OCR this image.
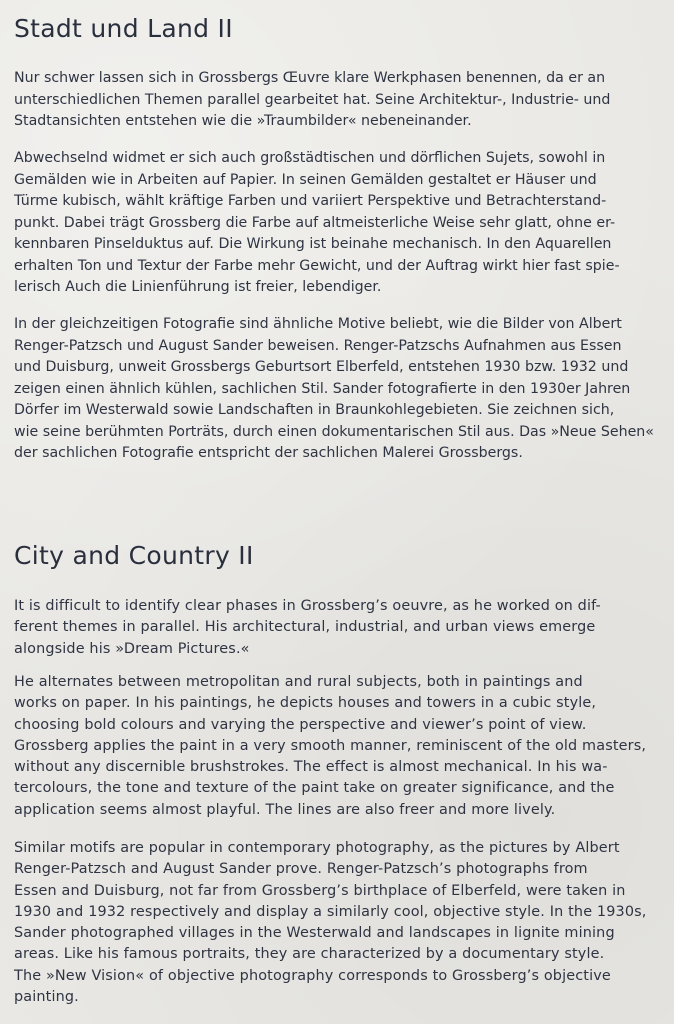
Stadt und Land II

Nur schwer lassen sich in Grossbergs Œuvre klare Werkphasen benennen, da er an
unterschiedlichen Themen parallel gearbeitet hat. Seine Architektur-, Industrie- und
Stadtansichten entstehen wie die »Traumbilder« nebeneinander.

Abwechselnd widmet er sich auch großstädtischen und dörflichen Sujets, sowohl in
Gemälden wie in Arbeiten auf Papier. In seinen Gemälden gestaltet er Häuser und
Türme kubisch, wählt kräftige Farben und variiert Perspektive und Betrachterstand-
punkt. Dabei trägt Grossberg die Farbe auf altmeisterliche Weise sehr glatt, ohne er-
kennbaren Pinselduktus auf. Die Wirkung ist beinahe mechanisch. In den Aquarellen
erhalten Ton und Textur der Farbe mehr Gewicht, und der Auftrag wirkt hier fast spie-
lerisch Auch die Linienführung ist freier, lebendiger.

In der gleichzeitigen Fotografie sind ähnliche Motive beliebt, wie die Bilder von Albert
Renger-Patzsch und August Sander beweisen. Renger-Patzschs Aufnahmen aus Essen
und Duisburg, unweit Grossbergs Geburtsort Elberfeld, entstehen 1930 bzw. 1932 und
zeigen einen ähnlich kühlen, sachlichen Stil. Sander fotografierte in den 1930er Jahren
Dörfer im Westerwald sowie Landschaften in Braunkohlegebieten. Sie zeichnen sich,
wie seine berühmten Porträts, durch einen dokumentarischen Stil aus. Das »Neue Sehen«
der sachlichen Fotografie entspricht der sachlichen Malerei Grossbergs.

City and Country II

It is difficult to identify clear phases in Grossberg’s oeuvre, as he worked on dif-
ferent themes in parallel. His architectural, industrial, and urban views emerge
alongside his »Dream Pictures.«

He alternates between metropolitan and rural subjects, both in paintings and
works on paper. In his paintings, he depicts houses and towers in a cubic style,
choosing bold colours and varying the perspective and viewer’s point of view.
Grossberg applies the paint in a very smooth manner, reminiscent of the old masters,
without any discernible brushstrokes. The effect is almost mechanical. In his wa-
tercolours, the tone and texture of the paint take on greater significance, and the
application seems almost playful. The lines are also freer and more lively.

Similar motifs are popular in contemporary photography, as the pictures by Albert
Renger-Patzsch and August Sander prove. Renger-Patzsch’s photographs from
Essen and Duisburg, not far from Grossberg’s birthplace of Elberfeld, were taken in
1930 and 1932 respectively and display a similarly cool, objective style. In the 1930s,
Sander photographed villages in the Westerwald and landscapes in lignite mining
areas. Like his famous portraits, they are characterized by a documentary style.
The »New Vision« of objective photography corresponds to Grossberg’s objective
painting.
